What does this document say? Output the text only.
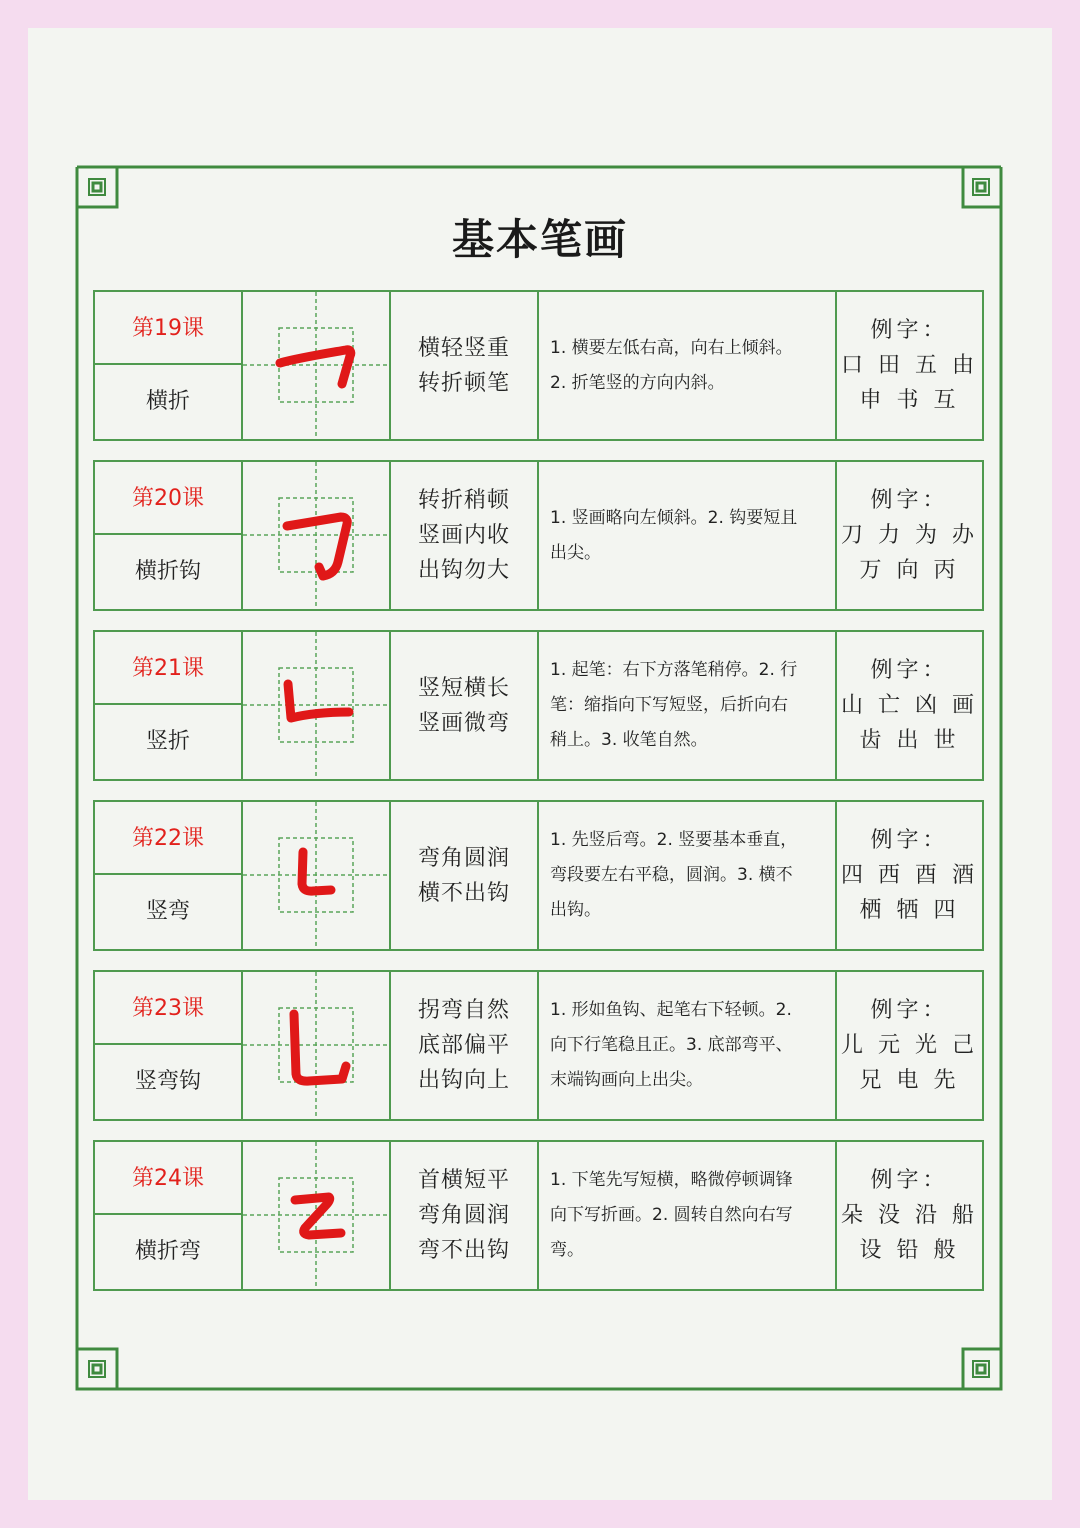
基本笔画
第19课
横折
横轻竖重
转折顿笔
1. 横要左低右高，向右上倾斜。
2. 折笔竖的方向内斜。
例字：
口 田 五 由
申 书 互
第20课
横折钩
转折稍顿
竖画内收
出钩勿大
1. 竖画略向左倾斜。2. 钩要短且
出尖。
例字：
刀 力 为 办
万 向 丙
第21课
竖折
竖短横长
竖画微弯
1. 起笔：右下方落笔稍停。2. 行
笔：缩指向下写短竖，后折向右
稍上。3. 收笔自然。
例字：
山 亡 凶 画
齿 出 世
第22课
竖弯
弯角圆润
横不出钩
1. 先竖后弯。2. 竖要基本垂直，
弯段要左右平稳，圆润。3. 横不
出钩。
例字：
四 西 酉 酒
栖 牺 四
第23课
竖弯钩
拐弯自然
底部偏平
出钩向上
1. 形如鱼钩、起笔右下轻顿。2.
向下行笔稳且正。3. 底部弯平、
末端钩画向上出尖。
例字：
儿 元 光 己
兄 电 先
第24课
横折弯
首横短平
弯角圆润
弯不出钩
1. 下笔先写短横，略微停顿调锋
向下写折画。2. 圆转自然向右写
弯。
例字：
朵 没 沿 船
设 铅 般
